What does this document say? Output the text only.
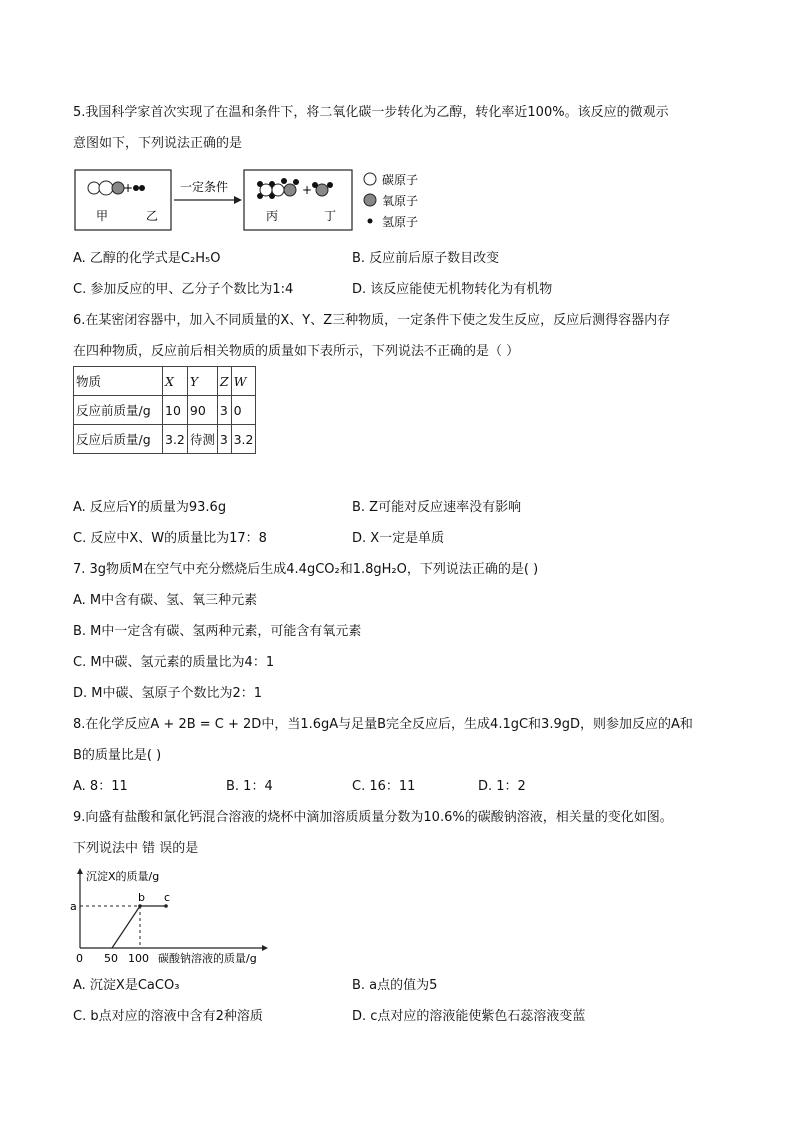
5.我国科学家首次实现了在温和条件下，将二氧化碳一步转化为乙醇，转化率近100%。该反应的微观示
意图如下，下列说法正确的是
+
甲	乙
一定条件	+
丙	丁
碳原子
氧原子
氢原子
A. 乙醇的化学式是C₂H₅O	B. 反应前后原子数目改变
C. 参加反应的甲、乙分子个数比为1:4	D. 该反应能使无机物转化为有机物
6.在某密闭容器中，加入不同质量的X、Y、Z三种物质，一定条件下使之发生反应，反应后测得容器内存
在四种物质，反应前后相关物质的质量如下表所示，下列说法不正确的是（ ）
物质	X	Y	Z	W
反应前质量/g	10	90	3	0
反应后质量/g	3.2	待测	3	3.2
A. 反应后Y的质量为93.6g	B. Z可能对反应速率没有影响
C. 反应中X、W的质量比为17：8	D. X一定是单质
7. 3g物质M在空气中充分燃烧后生成4.4gCO₂和1.8gH₂O，下列说法正确的是( )
A. M中含有碳、氢、氧三种元素
B. M中一定含有碳、氢两种元素，可能含有氧元素
C. M中碳、氢元素的质量比为4：1
D. M中碳、氢原子个数比为2：1
8.在化学反应A + 2B = C + 2D中，当1.6gA与足量B完全反应后，生成4.1gC和3.9gD，则参加反应的A和
B的质量比是( )
A. 8：11	B. 1：4	C. 16：11	D. 1：2
9.向盛有盐酸和氯化钙混合溶液的烧杯中滴加溶质质量分数为10.6%的碳酸钠溶液，相关量的变化如图。
下列说法中 错 误的是
沉淀X的质量/g
碳酸钠溶液的质量/g
0 50 100
a
b c
A. 沉淀X是CaCO₃	B. a点的值为5
C. b点对应的溶液中含有2种溶质	D. c点对应的溶液能使紫色石蕊溶液变蓝
